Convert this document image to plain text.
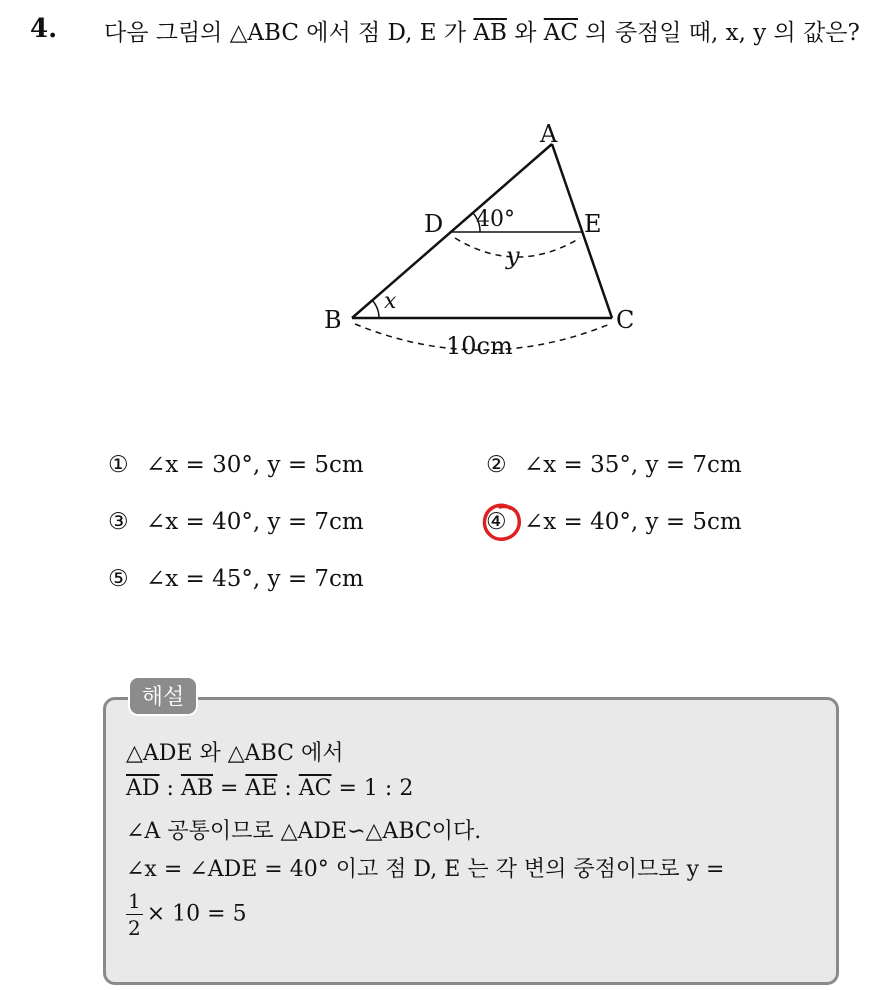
4. 다음 그림의 △ABC 에서 점 D, E 가 $\overline{AB}$ 와 $\overline{AC}$ 의 중점일 때, x, y 의 값은?
A
B	C
D	E
40°
y
x
10cm
① ∠x = 30°, y = 5cm	② ∠x = 35°, y = 7cm
③ ∠x = 40°, y = 7cm	④ ∠x = 40°, y = 5cm
⑤ ∠x = 45°, y = 7cm
△ADE 와 △ABC 에서
$\overline{AD}$ : $\overline{AB} = \overline{AE}$ : $\overline{AC} = 1$ : 2
∠A 공통이므로 △ADE∽△ABC이다.
∠x = ∠ADE = 40° 이고 점 D, E 는 각 변의 중점이므로 y =
$\frac{1}{2} \times 10 = 5$
해설
